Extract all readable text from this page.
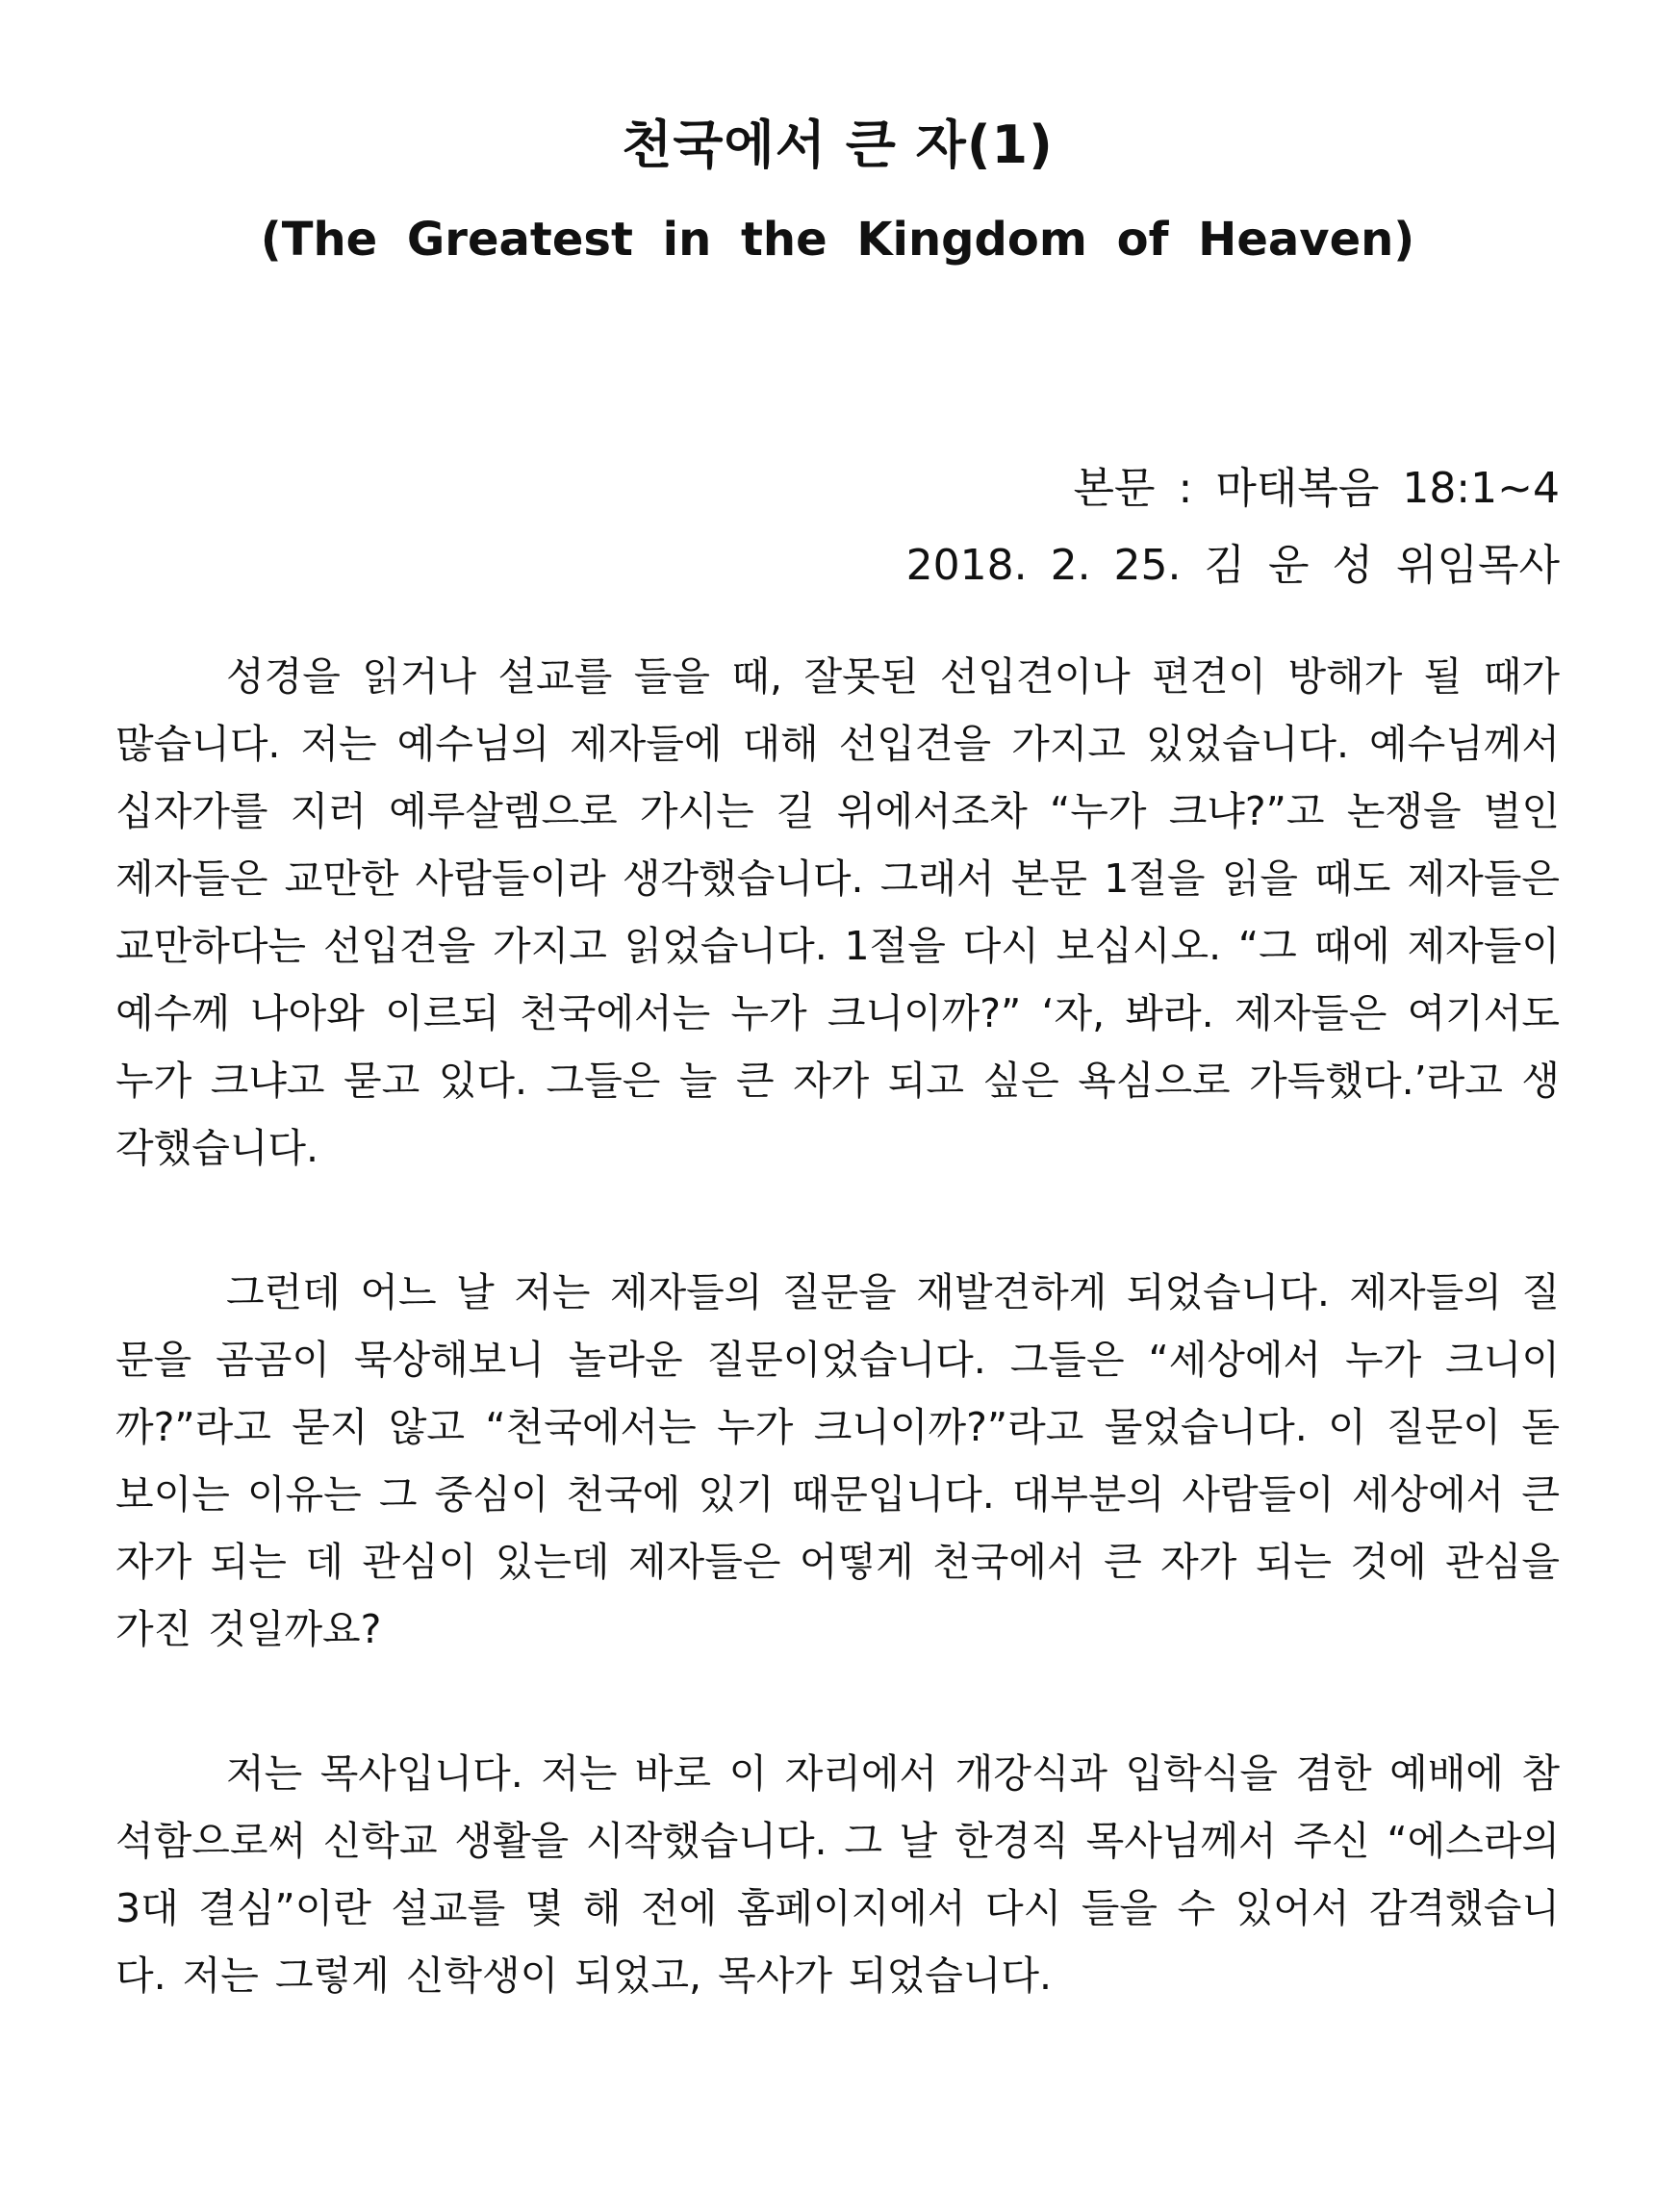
천국에서 큰 자(1)
(The Greatest in the Kingdom of Heaven)
본문 : 마태복음 18:1~4
2018. 2. 25. 김 운 성 위임목사

성경을 읽거나 설교를 들을 때, 잘못된 선입견이나 편견이 방해가 될 때가 많습니다. 저는 예수님의 제자들에 대해 선입견을 가지고 있었습니다. 예수님께서 십자가를 지러 예루살렘으로 가시는 길 위에서조차 “누가 크냐?”고 논쟁을 벌인 제자들은 교만한 사람들이라 생각했습니다. 그래서 본문 1절을 읽을 때도 제자들은 교만하다는 선입견을 가지고 읽었습니다. 1절을 다시 보십시오. “그 때에 제자들이 예수께 나아와 이르되 천국에서는 누가 크니이까?” ‘자, 봐라. 제자들은 여기서도 누가 크냐고 묻고 있다. 그들은 늘 큰 자가 되고 싶은 욕심으로 가득했다.’라고 생각했습니다.

그런데 어느 날 저는 제자들의 질문을 재발견하게 되었습니다. 제자들의 질문을 곰곰이 묵상해보니 놀라운 질문이었습니다. 그들은 “세상에서 누가 크니이까?”라고 묻지 않고 “천국에서는 누가 크니이까?”라고 물었습니다. 이 질문이 돋보이는 이유는 그 중심이 천국에 있기 때문입니다. 대부분의 사람들이 세상에서 큰 자가 되는 데 관심이 있는데 제자들은 어떻게 천국에서 큰 자가 되는 것에 관심을 가진 것일까요?

저는 목사입니다. 저는 바로 이 자리에서 개강식과 입학식을 겸한 예배에 참석함으로써 신학교 생활을 시작했습니다. 그 날 한경직 목사님께서 주신 “에스라의 3대 결심”이란 설교를 몇 해 전에 홈페이지에서 다시 들을 수 있어서 감격했습니다. 저는 그렇게 신학생이 되었고, 목사가 되었습니다.
